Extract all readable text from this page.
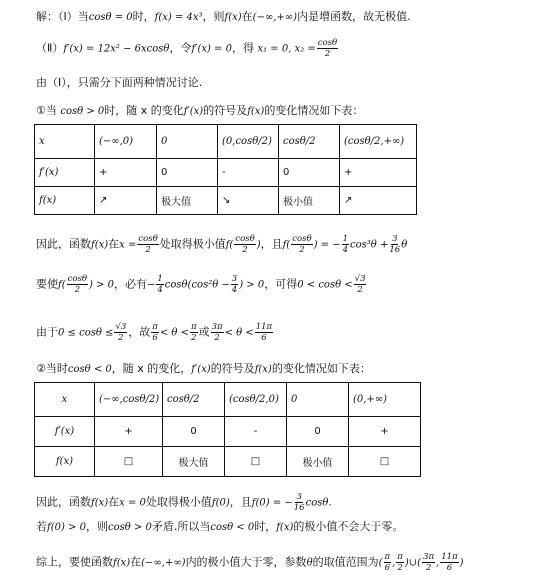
解：（Ⅰ）当cosθ = 0时，f(x) = 4x³，则f(x)在(−∞,+∞)内是增函数，故无极值.
（Ⅱ）f′(x) = 12x² − 6xcosθ，令f′(x) = 0，得 x₁ = 0, $x_2 = \frac{\cos\theta}{2}$
由（Ⅰ），只需分下面两种情况讨论.
①当 cosθ > 0时，随 x 的变化f′(x)的符号及f(x)的变化情况如下表：
x	(−∞,0)	0	(0,cosθ/2)	cosθ/2	(cosθ/2,+∞)
f′(x)	+	0	-	0	+
f(x)	↗	极大值	↘	极小值	↗
因此，函数f(x)在$x = \frac{\cos\theta}{2}$ 处取得极小值$f( \frac{\cos\theta}{2}$ )，且$f( \frac{\cos\theta}{2}$ ) = − $\frac{1}{4} \cos^3\theta + \frac{3}{16}$ θ
要使$f( \frac{\cos\theta}{2}$ ) > 0，必有− $\frac{1}{4} \cos\theta(\cos^2\theta - \frac{3}{4}$ ) > 0，可得$0 < \cos\theta < \frac{√3}{2}$
由于$0 \le \cos\theta \le \frac{√3}{2}$ ，故 $\frac{\pi}{6} < \theta < \frac{\pi}{2}$ 或 $\frac{3\pi}{2} < \theta < \frac{11\pi}{6}$
②当时cosθ < 0，随 x 的变化，f′(x)的符号及f(x)的变化情况如下表：
x	(−∞,cosθ/2)	cosθ/2	(cosθ/2,0)	0	(0,+∞)
f′(x)	+	0	-	0	+
f(x)	□	极大值	□	极小值	□
因此，函数f(x)在x = 0处取得极小值f(0)，且f(0) = − $\frac{3}{16} \cos\theta$.
若f(0) > 0，则cosθ > 0矛盾.所以当cosθ < 0时，f(x)的极小值不会大于零。
综上，要使函数f(x)在(−∞,+∞)内的极小值大于零，参数θ的取值范围为( $\frac{\pi}{6}$ , $\frac{\pi}{2}$ )∪( $\frac{3\pi}{2}$ , $\frac{11\pi}{6}$ )
